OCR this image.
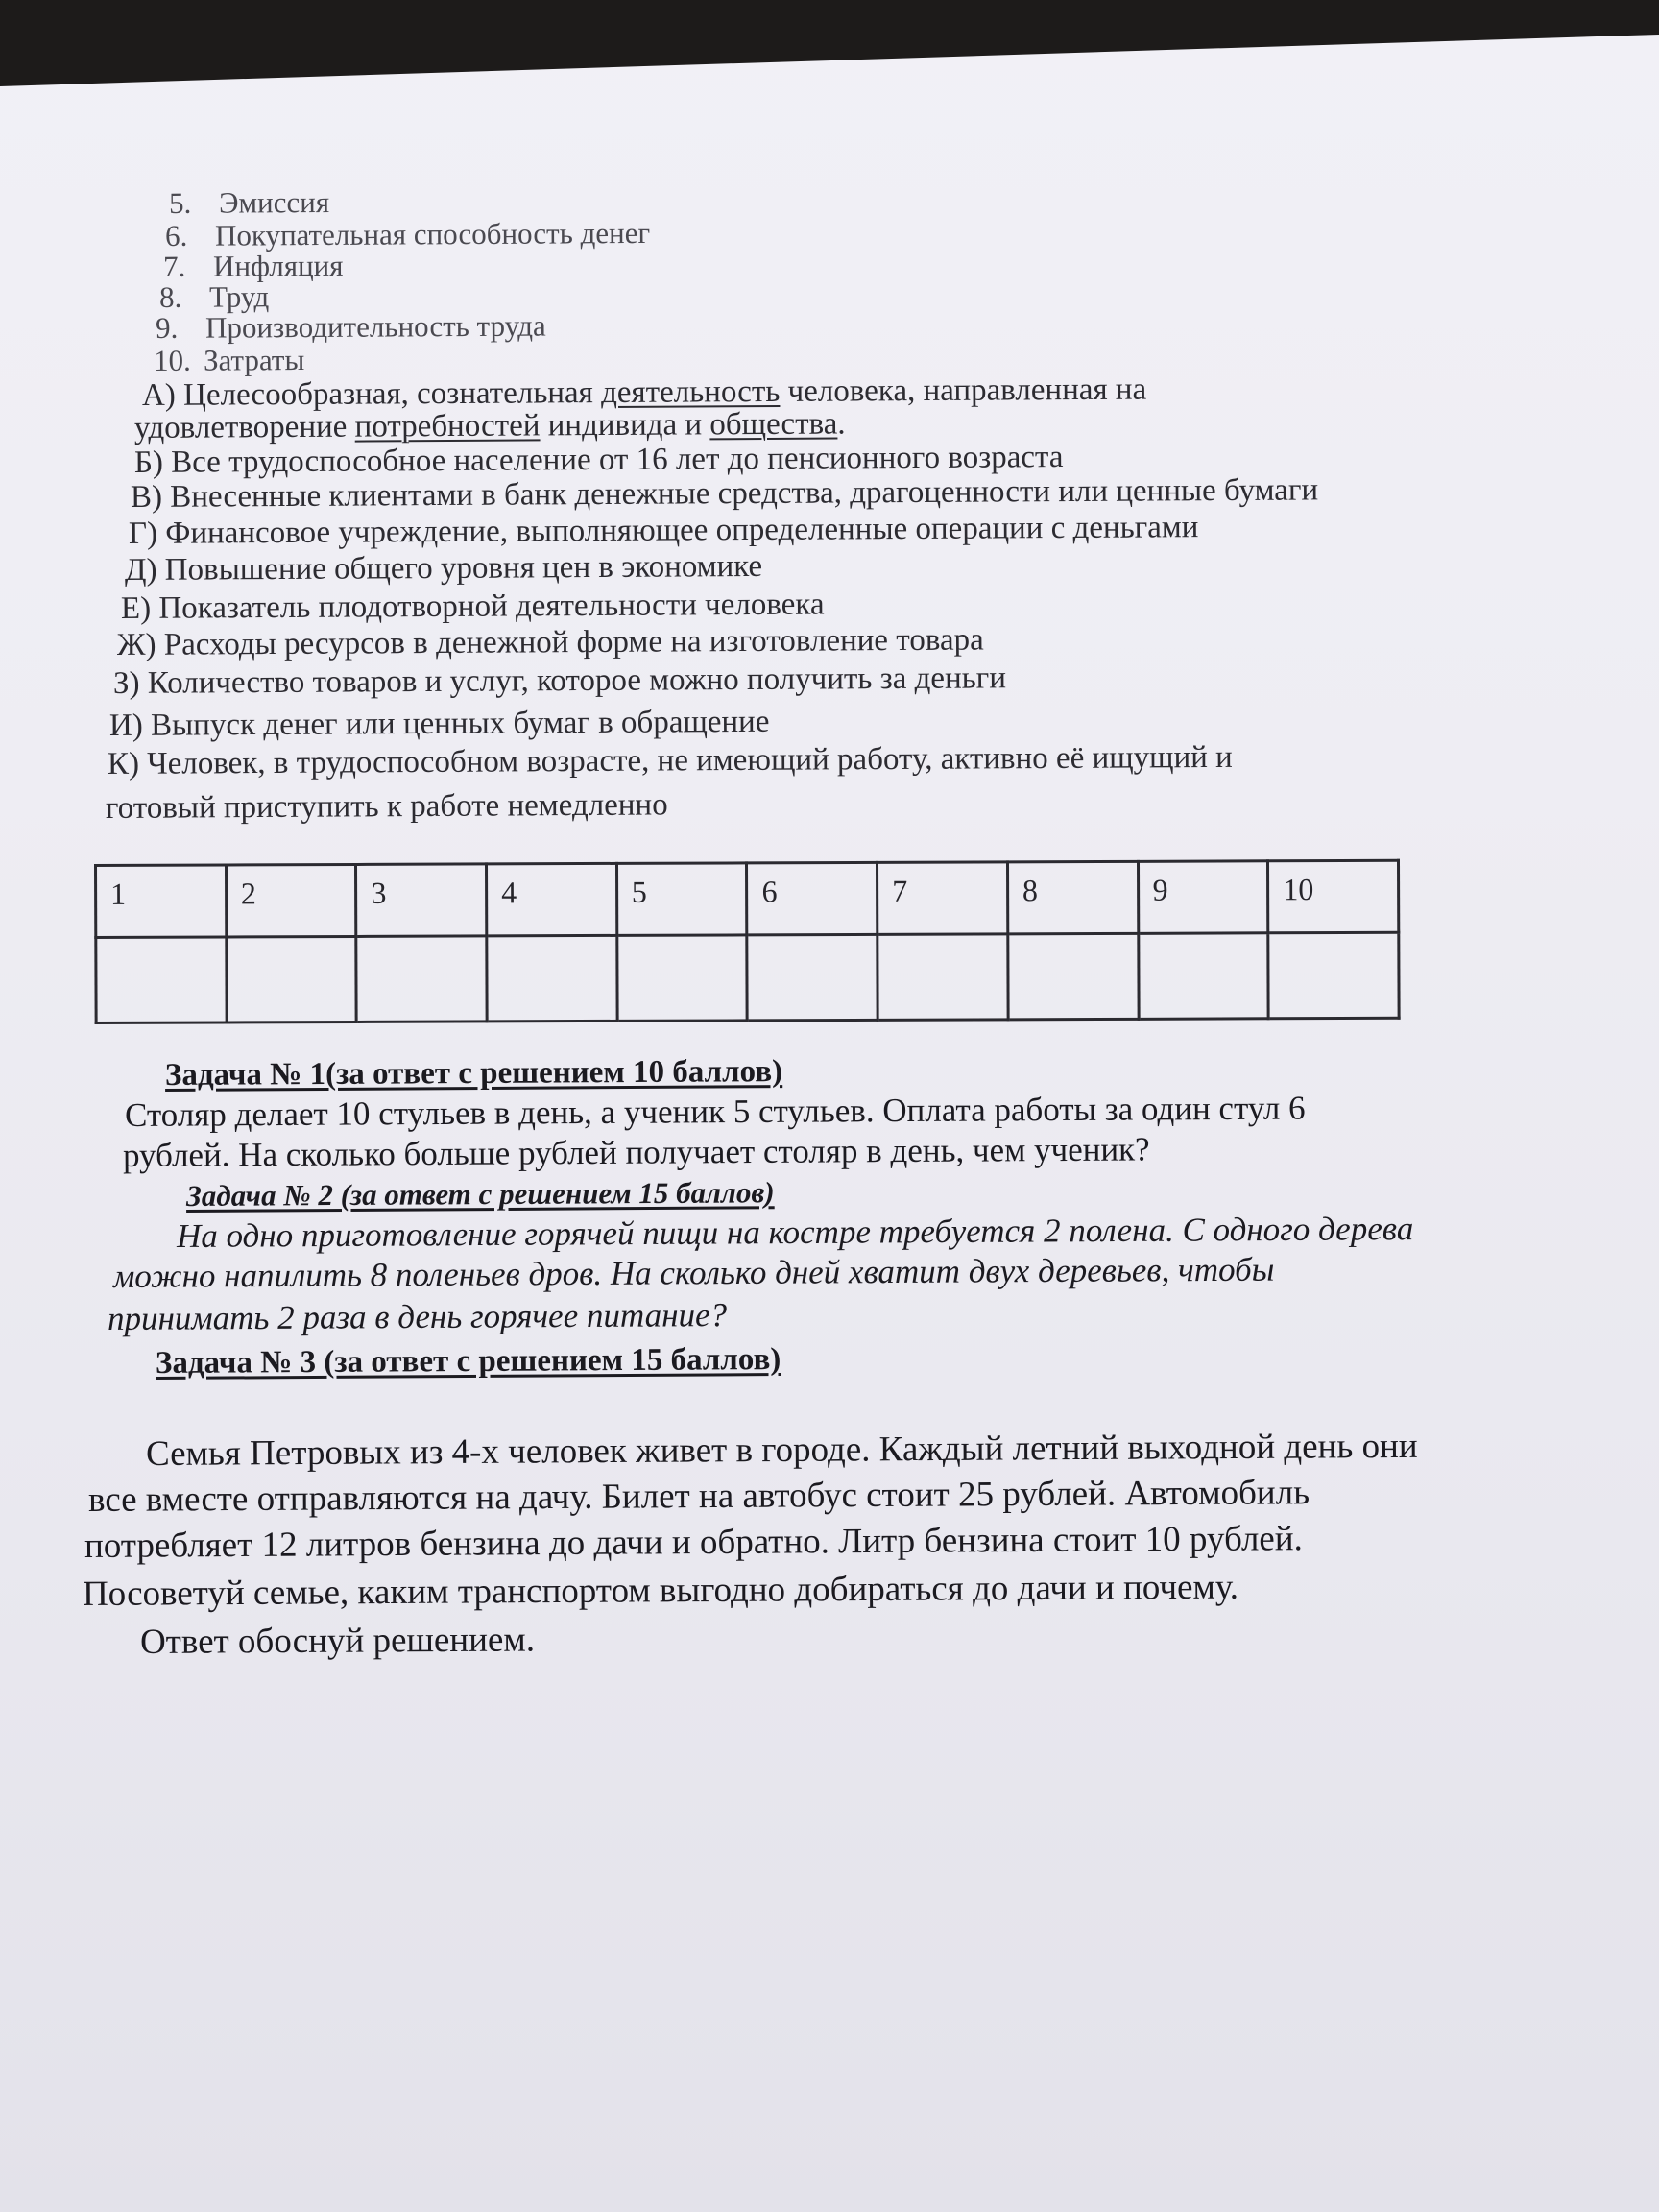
5. Эмиссия
6. Покупательная способность денег
7. Инфляция
8. Труд
9. Производительность труда
10. Затраты
А) Целесообразная, сознательная деятельность человека, направленная на
удовлетворение потребностей индивида и общества.
Б) Все трудоспособное население от 16 лет до пенсионного возраста
В) Внесенные клиентами в банк денежные средства, драгоценности или ценные бумаги
Г) Финансовое учреждение, выполняющее определенные операции с деньгами
Д) Повышение общего уровня цен в экономике
Е) Показатель плодотворной деятельности человека
Ж) Расходы ресурсов в денежной форме на изготовление товара
З) Количество товаров и услуг, которое можно получить за деньги
И) Выпуск денег или ценных бумаг в обращение
К) Человек, в трудоспособном возрасте, не имеющий работу, активно её ищущий и
готовый приступить к работе немедленно
1	2	3	4	5	6	7	8	9	10

Задача № 1(за ответ с решением 10 баллов)
Столяр делает 10 стульев в день, а ученик 5 стульев. Оплата работы за один стул 6
рублей. На сколько больше рублей получает столяр в день, чем ученик?
Задача № 2 (за ответ с решением 15 баллов)
На одно приготовление горячей пищи на костре требуется 2 полена. С одного дерева
можно напилить 8 поленьев дров. На сколько дней хватит двух деревьев, чтобы
принимать 2 раза в день горячее питание?
Задача № 3 (за ответ с решением 15 баллов)
Семья Петровых из 4-х человек живет в городе. Каждый летний выходной день они
все вместе отправляются на дачу. Билет на автобус стоит 25 рублей. Автомобиль
потребляет 12 литров бензина до дачи и обратно. Литр бензина стоит 10 рублей.
Посоветуй семье, каким транспортом выгодно добираться до дачи и почему.
Ответ обоснуй решением.
